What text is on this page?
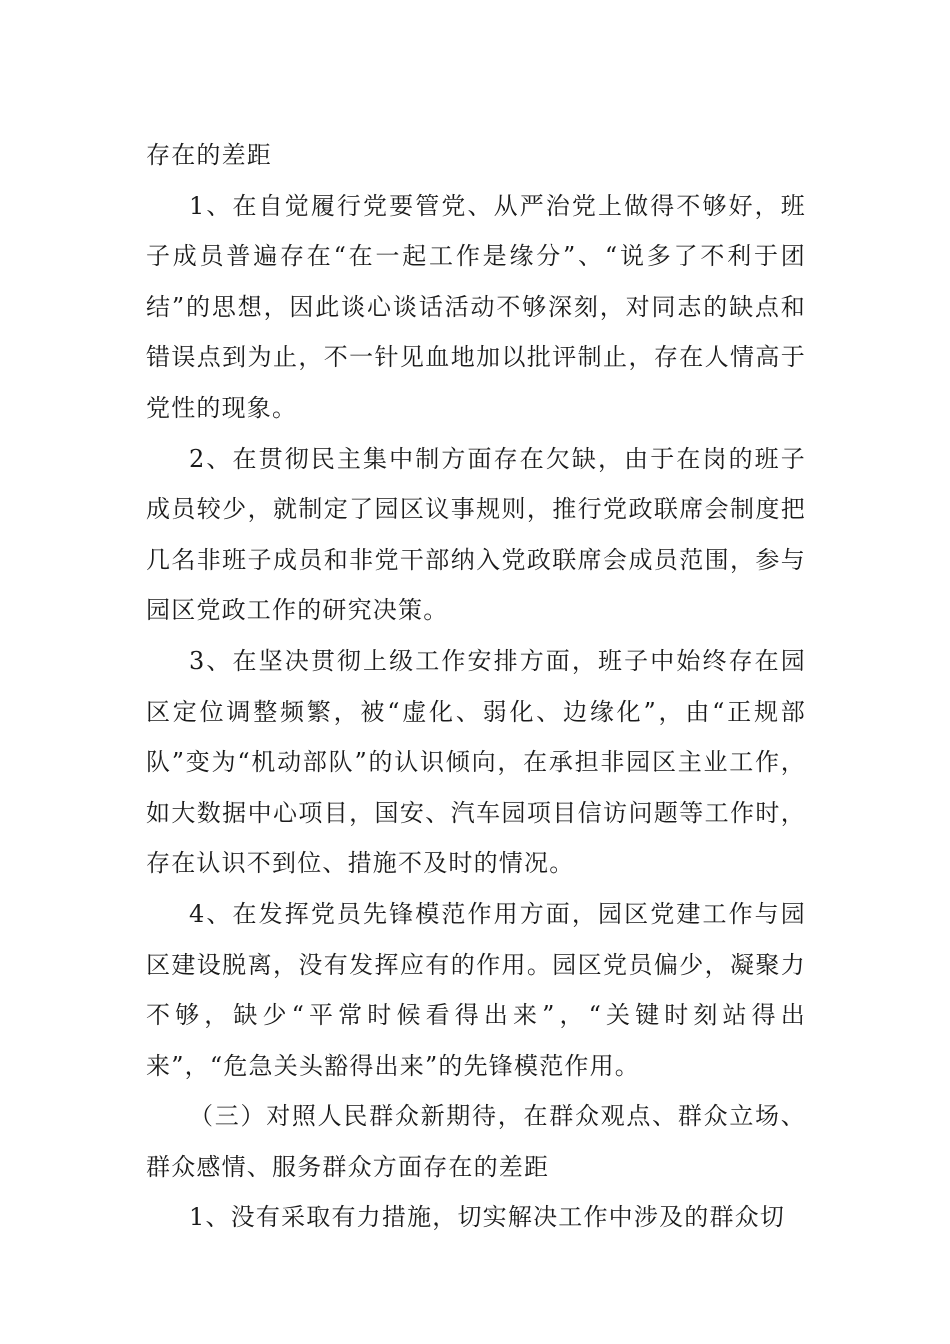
存在的差距

1、在自觉履行党要管党、从严治党上做得不够好，班子成员普遍存在“在一起工作是缘分”、“说多了不利于团结”的思想，因此谈心谈话活动不够深刻，对同志的缺点和错误点到为止，不一针见血地加以批评制止，存在人情高于党性的现象。

2、在贯彻民主集中制方面存在欠缺，由于在岗的班子成员较少，就制定了园区议事规则，推行党政联席会制度把几名非班子成员和非党干部纳入党政联席会成员范围，参与园区党政工作的研究决策。

3、在坚决贯彻上级工作安排方面，班子中始终存在园区定位调整频繁，被“虚化、弱化、边缘化”，由“正规部队”变为“机动部队”的认识倾向，在承担非园区主业工作，如大数据中心项目，国安、汽车园项目信访问题等工作时，存在认识不到位、措施不及时的情况。

4、在发挥党员先锋模范作用方面，园区党建工作与园区建设脱离，没有发挥应有的作用。园区党员偏少，凝聚力不够，缺少“平常时候看得出来”，“关键时刻站得出来”，“危急关头豁得出来”的先锋模范作用。

（三）对照人民群众新期待，在群众观点、群众立场、群众感情、服务群众方面存在的差距

1、没有采取有力措施，切实解决工作中涉及的群众切
